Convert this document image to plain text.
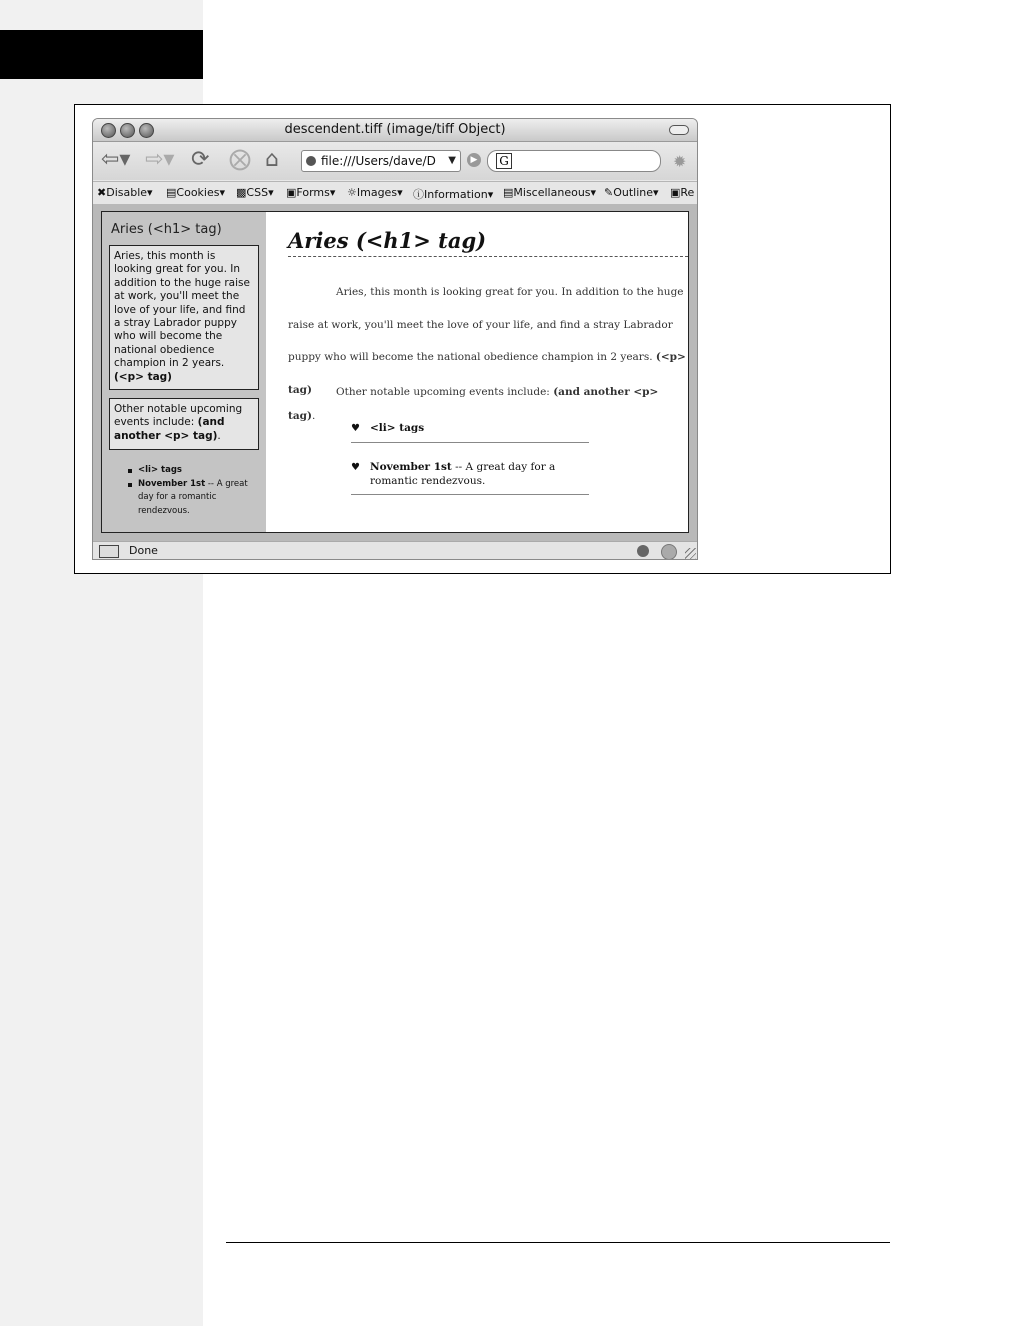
descendent.tiff (image/tiff Object)
⇦▾ ⇨▾ ⟳ ⨂ ⌂	file:///Users/dave/D	▼	▶ G	✹
✖Disable▾ ▤Cookies▾ ▩CSS▾ ▣Forms▾ ☼Images▾ ⓘInformation▾ ▤Miscellaneous▾ ✎Outline▾ ▣Re
Aries (<h1> tag)
Aries, this month is looking great for you. In addition to the huge raise at work, you'll meet the love of your life, and find a stray Labrador puppy who will become the national obedience champion in 2 years. (<p> tag)
Other notable upcoming events include: (and another <p> tag).
<li> tags
November 1st -- A great day for a romantic rendezvous.
Aries (<h1> tag)
Aries, this month is looking great for you. In addition to the huge raise at work, you'll meet the love of your life, and find a stray Labrador puppy who will become the national obedience champion in 2 years. (<p> tag)	Other notable upcoming events include: (and another <p> tag).
♥ <li> tags
♥ November 1st -- A great day for a romantic rendezvous.
Done
